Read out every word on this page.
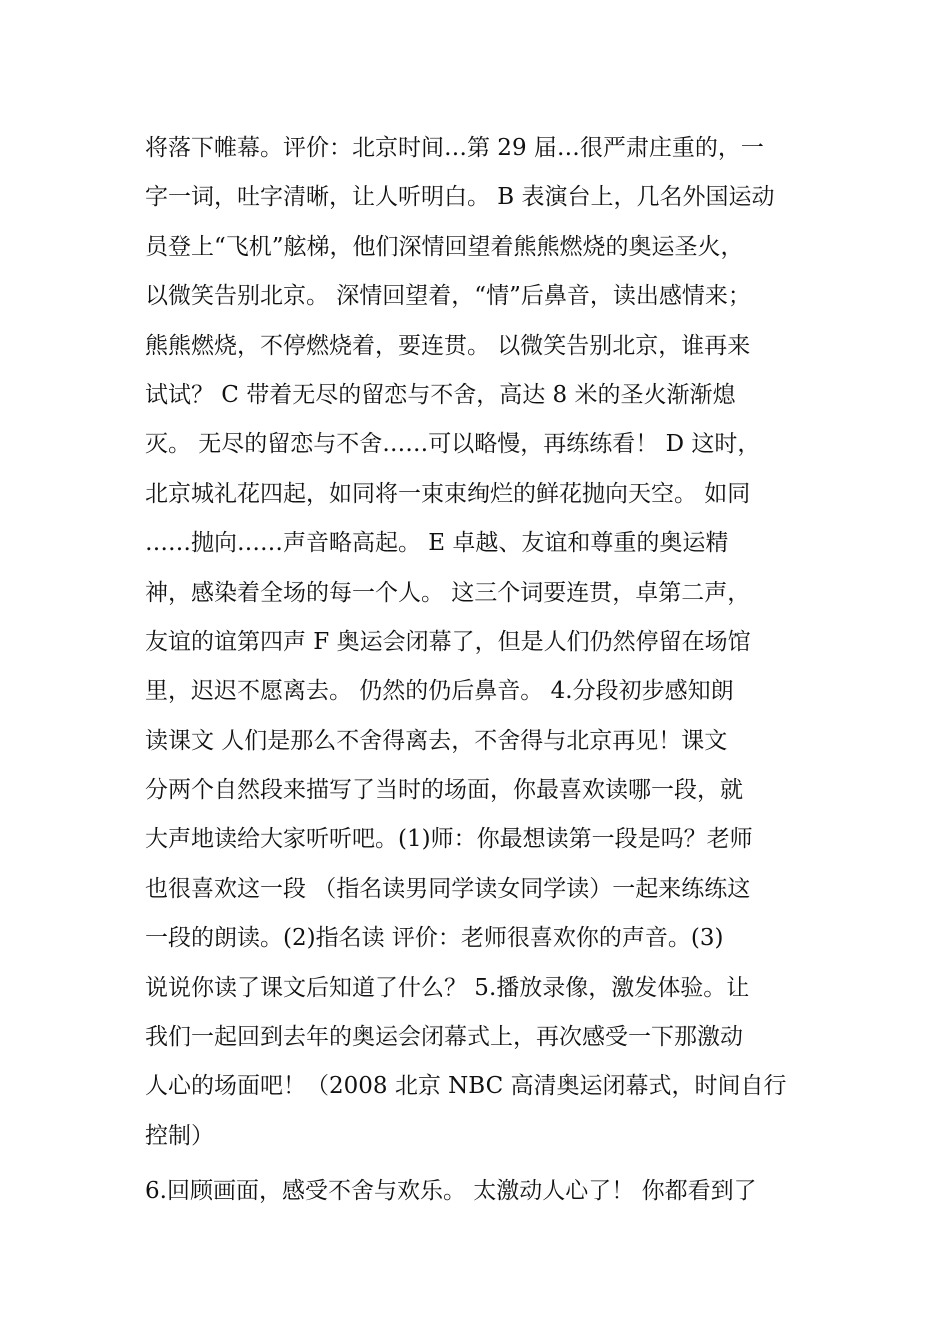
将落下帷幕。评价：北京时间…第 29 届…很严肃庄重的，一
字一词，吐字清晰，让人听明白。 B 表演台上，几名外国运动
员登上“飞机”舷梯，他们深情回望着熊熊燃烧的奥运圣火，
以微笑告别北京。 深情回望着，“情”后鼻音，读出感情来；
熊熊燃烧，不停燃烧着，要连贯。 以微笑告别北京，谁再来
试试？ C 带着无尽的留恋与不舍，高达 8 米的圣火渐渐熄
灭。 无尽的留恋与不舍……可以略慢，再练练看！ D 这时，
北京城礼花四起，如同将一束束绚烂的鲜花抛向天空。 如同
……抛向……声音略高起。 E 卓越、友谊和尊重的奥运精
神，感染着全场的每一个人。 这三个词要连贯，卓第二声，
友谊的谊第四声 F 奥运会闭幕了，但是人们仍然停留在场馆
里，迟迟不愿离去。 仍然的仍后鼻音。 4.分段初步感知朗
读课文 人们是那么不舍得离去，不舍得与北京再见！课文
分两个自然段来描写了当时的场面，你最喜欢读哪一段，就
大声地读给大家听听吧。(1)师：你最想读第一段是吗？老师
也很喜欢这一段 （指名读男同学读女同学读）一起来练练这
一段的朗读。(2)指名读 评价：老师很喜欢你的声音。(3)
说说你读了课文后知道了什么？ 5.播放录像，激发体验。让
我们一起回到去年的奥运会闭幕式上，再次感受一下那激动
人心的场面吧！（2008 北京 NBC 高清奥运闭幕式，时间自行
控制）
6.回顾画面，感受不舍与欢乐。 太激动人心了！ 你都看到了
